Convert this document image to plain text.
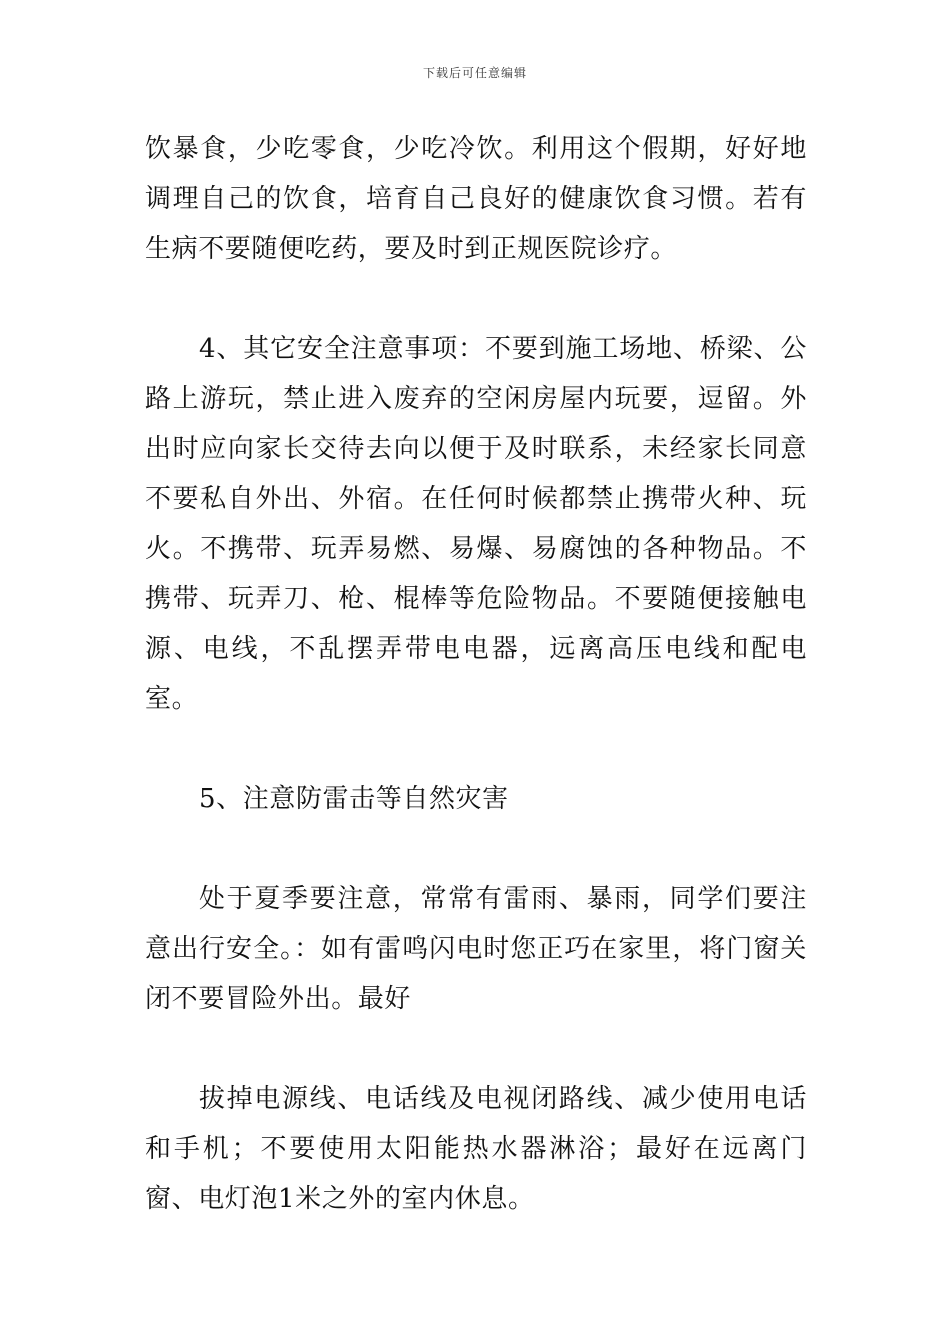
下载后可任意编辑

饮暴食，少吃零食，少吃冷饮。利用这个假期，好好地调理自己的饮食，培育自己良好的健康饮食习惯。若有生病不要随便吃药，要及时到正规医院诊疗。

4、其它安全注意事项：不要到施工场地、桥梁、公路上游玩，禁止进入废弃的空闲房屋内玩要，逗留。外出时应向家长交待去向以便于及时联系，未经家长同意不要私自外出、外宿。在任何时候都禁止携带火种、玩火。不携带、玩弄易燃、易爆、易腐蚀的各种物品。不携带、玩弄刀、枪、棍棒等危险物品。不要随便接触电源、电线，不乱摆弄带电电器，远离高压电线和配电室。

5、注意防雷击等自然灾害

处于夏季要注意，常常有雷雨、暴雨，同学们要注意出行安全。：如有雷鸣闪电时您正巧在家里，将门窗关闭不要冒险外出。最好

拔掉电源线、电话线及电视闭路线、减少使用电话和手机；不要使用太阳能热水器淋浴；最好在远离门窗、电灯泡1米之外的室内休息。
